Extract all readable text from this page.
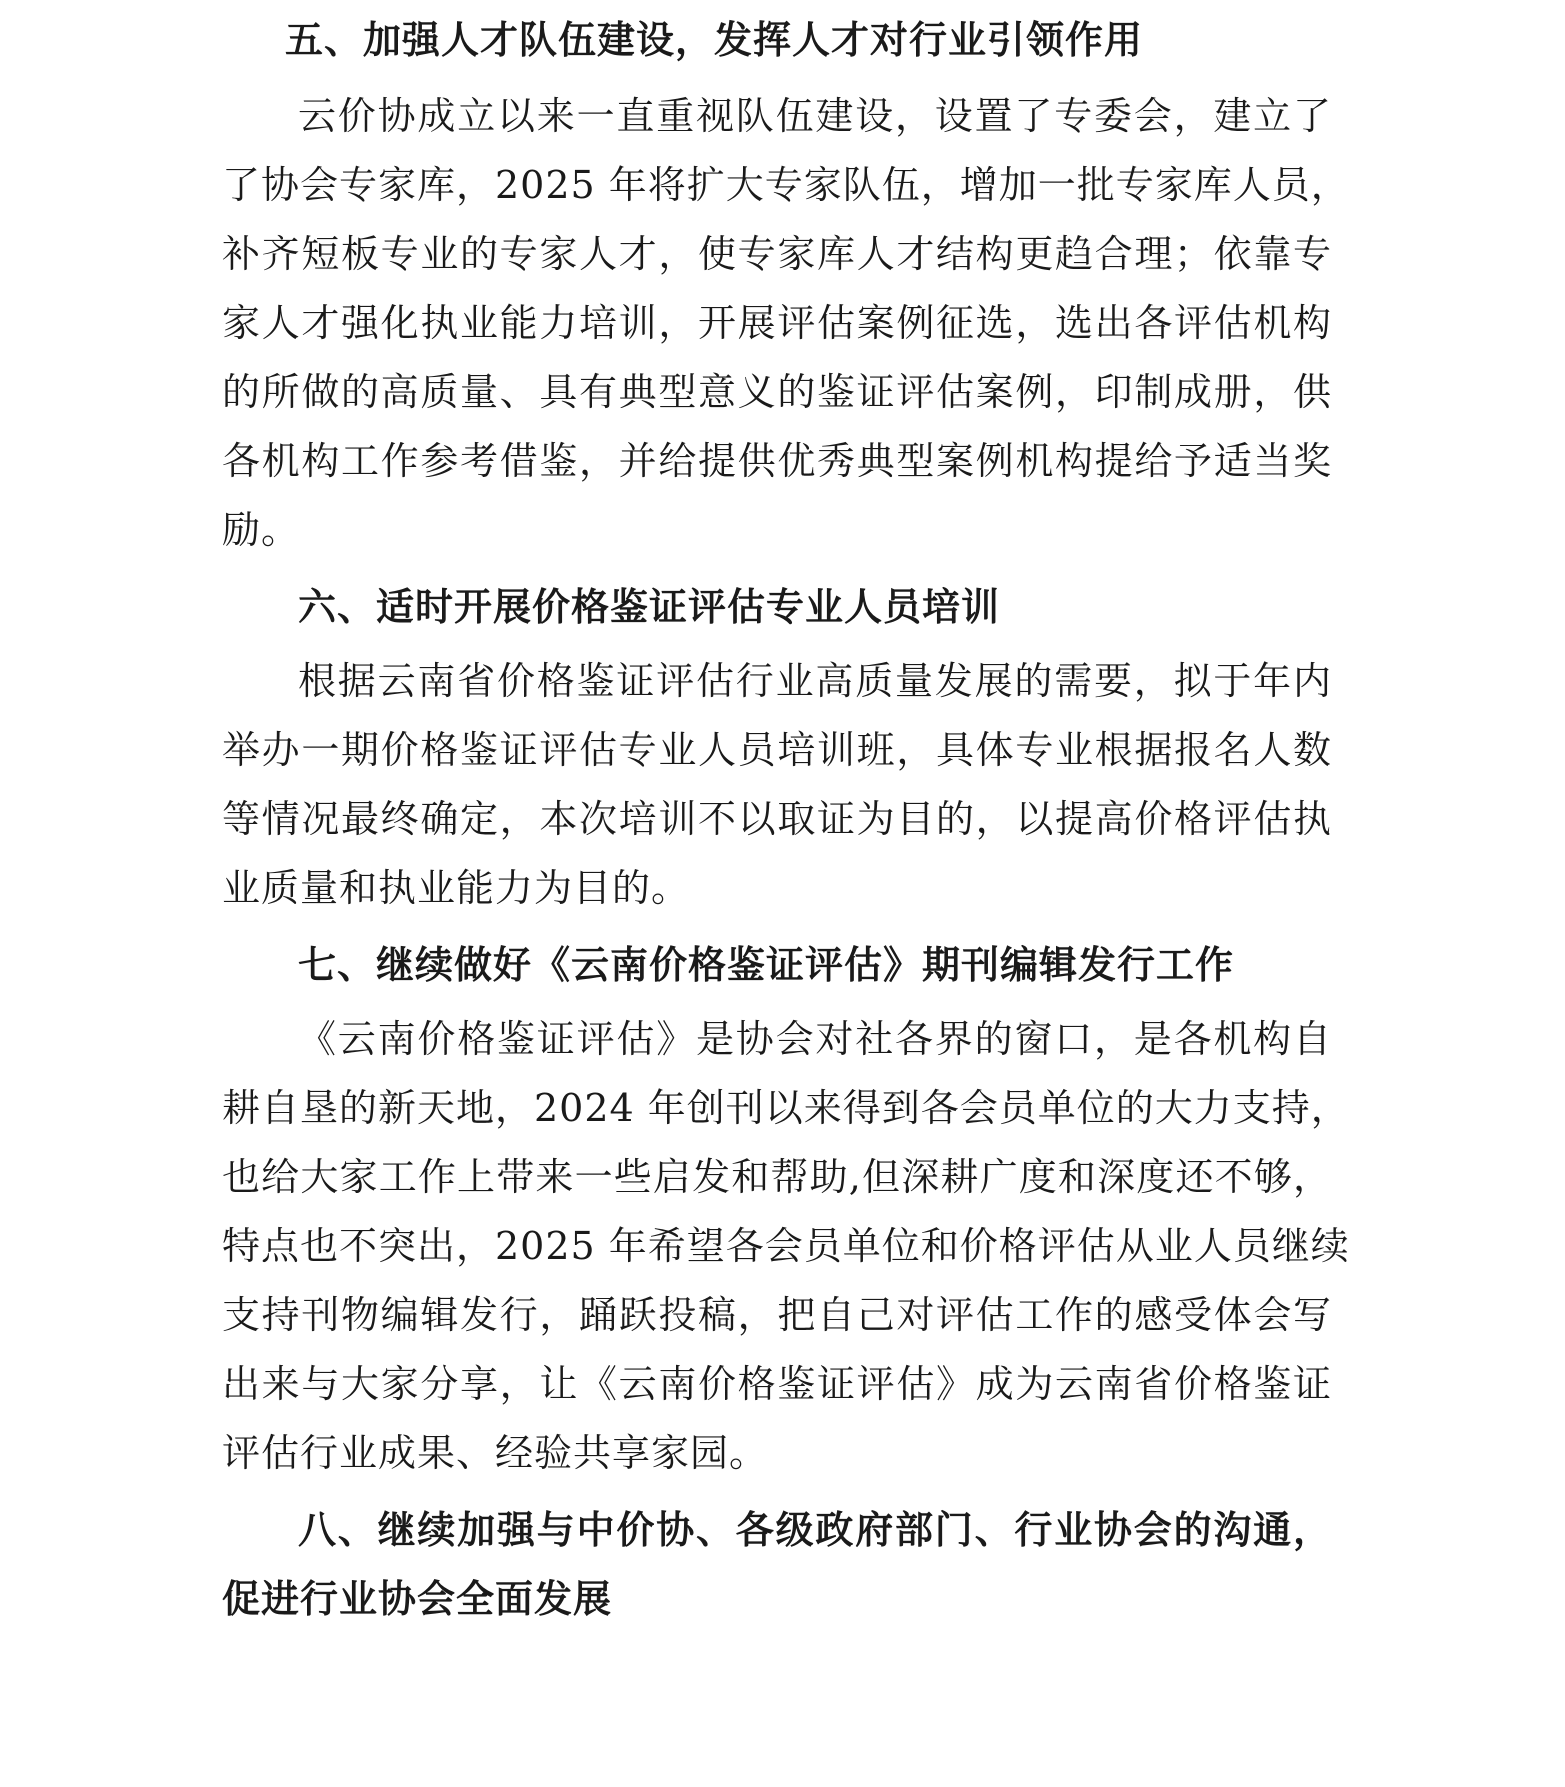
五、加强人才队伍建设，发挥人才对行业引领作用
云价协成立以来一直重视队伍建设，设置了专委会，建立了
了协会专家库，2025 年将扩大专家队伍，增加一批专家库人员，
补齐短板专业的专家人才，使专家库人才结构更趋合理；依靠专
家人才强化执业能力培训，开展评估案例征选，选出各评估机构
的所做的高质量、具有典型意义的鉴证评估案例，印制成册，供
各机构工作参考借鉴，并给提供优秀典型案例机构提给予适当奖
励。
六、适时开展价格鉴证评估专业人员培训
根据云南省价格鉴证评估行业高质量发展的需要，拟于年内
举办一期价格鉴证评估专业人员培训班，具体专业根据报名人数
等情况最终确定，本次培训不以取证为目的，以提高价格评估执
业质量和执业能力为目的。
七、继续做好《云南价格鉴证评估》期刊编辑发行工作
《云南价格鉴证评估》是协会对社各界的窗口，是各机构自
耕自垦的新天地，2024 年创刊以来得到各会员单位的大力支持，
也给大家工作上带来一些启发和帮助,但深耕广度和深度还不够，
特点也不突出，2025 年希望各会员单位和价格评估从业人员继续
支持刊物编辑发行，踊跃投稿，把自己对评估工作的感受体会写
出来与大家分享，让《云南价格鉴证评估》成为云南省价格鉴证
评估行业成果、经验共享家园。
八、继续加强与中价协、各级政府部门、行业协会的沟通，
促进行业协会全面发展
